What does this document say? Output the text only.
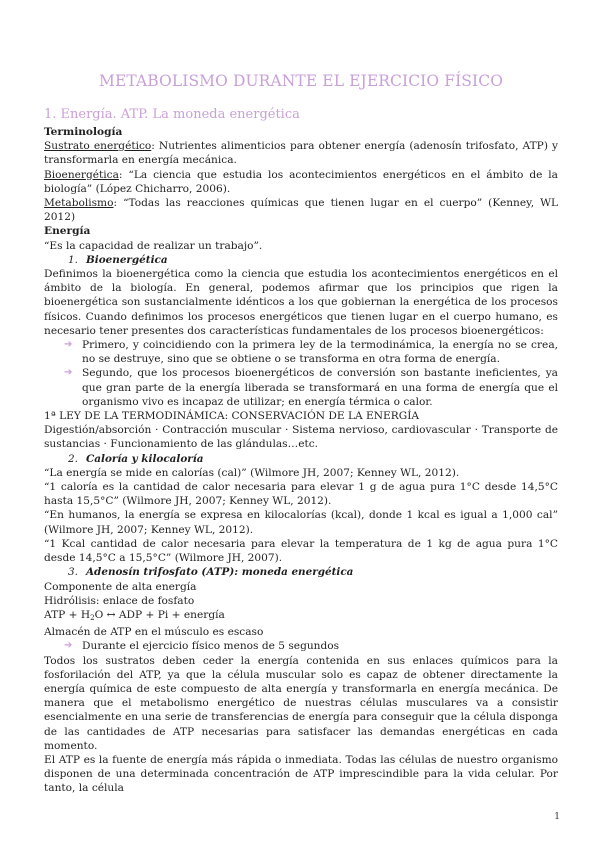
METABOLISMO DURANTE EL EJERCICIO FÍSICO
1. Energía. ATP. La moneda energética

Terminología

Sustrato energético: Nutrientes alimenticios para obtener energía (adenosín trifosfato, ATP) y transformarla en energía mecánica.

Bioenergética: “La ciencia que estudia los acontecimientos energéticos en el ámbito de la biología” (López Chicharro, 2006).

Metabolismo: “Todas las reacciones químicas que tienen lugar en el cuerpo” (Kenney, WL 2012)

Energía

“Es la capacidad de realizar un trabajo”.

1. Bioenergética

Definimos la bioenergética como la ciencia que estudia los acontecimientos energéticos en el ámbito de la biología. En general, podemos afirmar que los principios que rigen la bioenergética son sustancialmente idénticos a los que gobiernan la energética de los procesos físicos. Cuando definimos los procesos energéticos que tienen lugar en el cuerpo humano, es necesario tener presentes dos características fundamentales de los procesos bioenergéticos:

➔ Primero, y coincidiendo con la primera ley de la termodinámica, la energía no se crea, no se destruye, sino que se obtiene o se transforma en otra forma de energía.
➔ Segundo, que los procesos bioenergéticos de conversión son bastante ineficientes, ya que gran parte de la energía liberada se transformará en una forma de energía que el organismo vivo es incapaz de utilizar; en energía térmica o calor.

1ª LEY DE LA TERMODINÁMICA: CONSERVACIÓN DE LA ENERGÍA

Digestión/absorción · Contracción muscular · Sistema nervioso, cardiovascular · Transporte de sustancias · Funcionamiento de las glándulas…etc.

2. Caloría y kilocaloría

“La energía se mide en calorías (cal)” (Wilmore JH, 2007; Kenney WL, 2012).

“1 caloría es la cantidad de calor necesaria para elevar 1 g de agua pura 1°C desde 14,5°C hasta 15,5°C” (Wilmore JH, 2007; Kenney WL, 2012).

“En humanos, la energía se expresa en kilocalorías (kcal), donde 1 kcal es igual a 1,000 cal” (Wilmore JH, 2007; Kenney WL, 2012).

“1 Kcal cantidad de calor necesaria para elevar la temperatura de 1 kg de agua pura 1°C desde 14,5°C a 15,5°C” (Wilmore JH, 2007).

3. Adenosín trifosfato (ATP): moneda energética

Componente de alta energía

Hidrólisis: enlace de fosfato

ATP + $H_2O$ ↔ ADP + Pi + energía

Almacén de ATP en el músculo es escaso

➔ Durante el ejercicio físico menos de 5 segundos

Todos los sustratos deben ceder la energía contenida en sus enlaces químicos para la fosforilación del ATP, ya que la célula muscular solo es capaz de obtener directamente la energía química de este compuesto de alta energía y transformarla en energía mecánica. De manera que el metabolismo energético de nuestras células musculares va a consistir esencialmente en una serie de transferencias de energía para conseguir que la célula disponga de las cantidades de ATP necesarias para satisfacer las demandas energéticas en cada momento.

El ATP es la fuente de energía más rápida o inmediata. Todas las células de nuestro organismo disponen de una determinada concentración de ATP imprescindible para la vida celular. Por tanto, la célula

1
